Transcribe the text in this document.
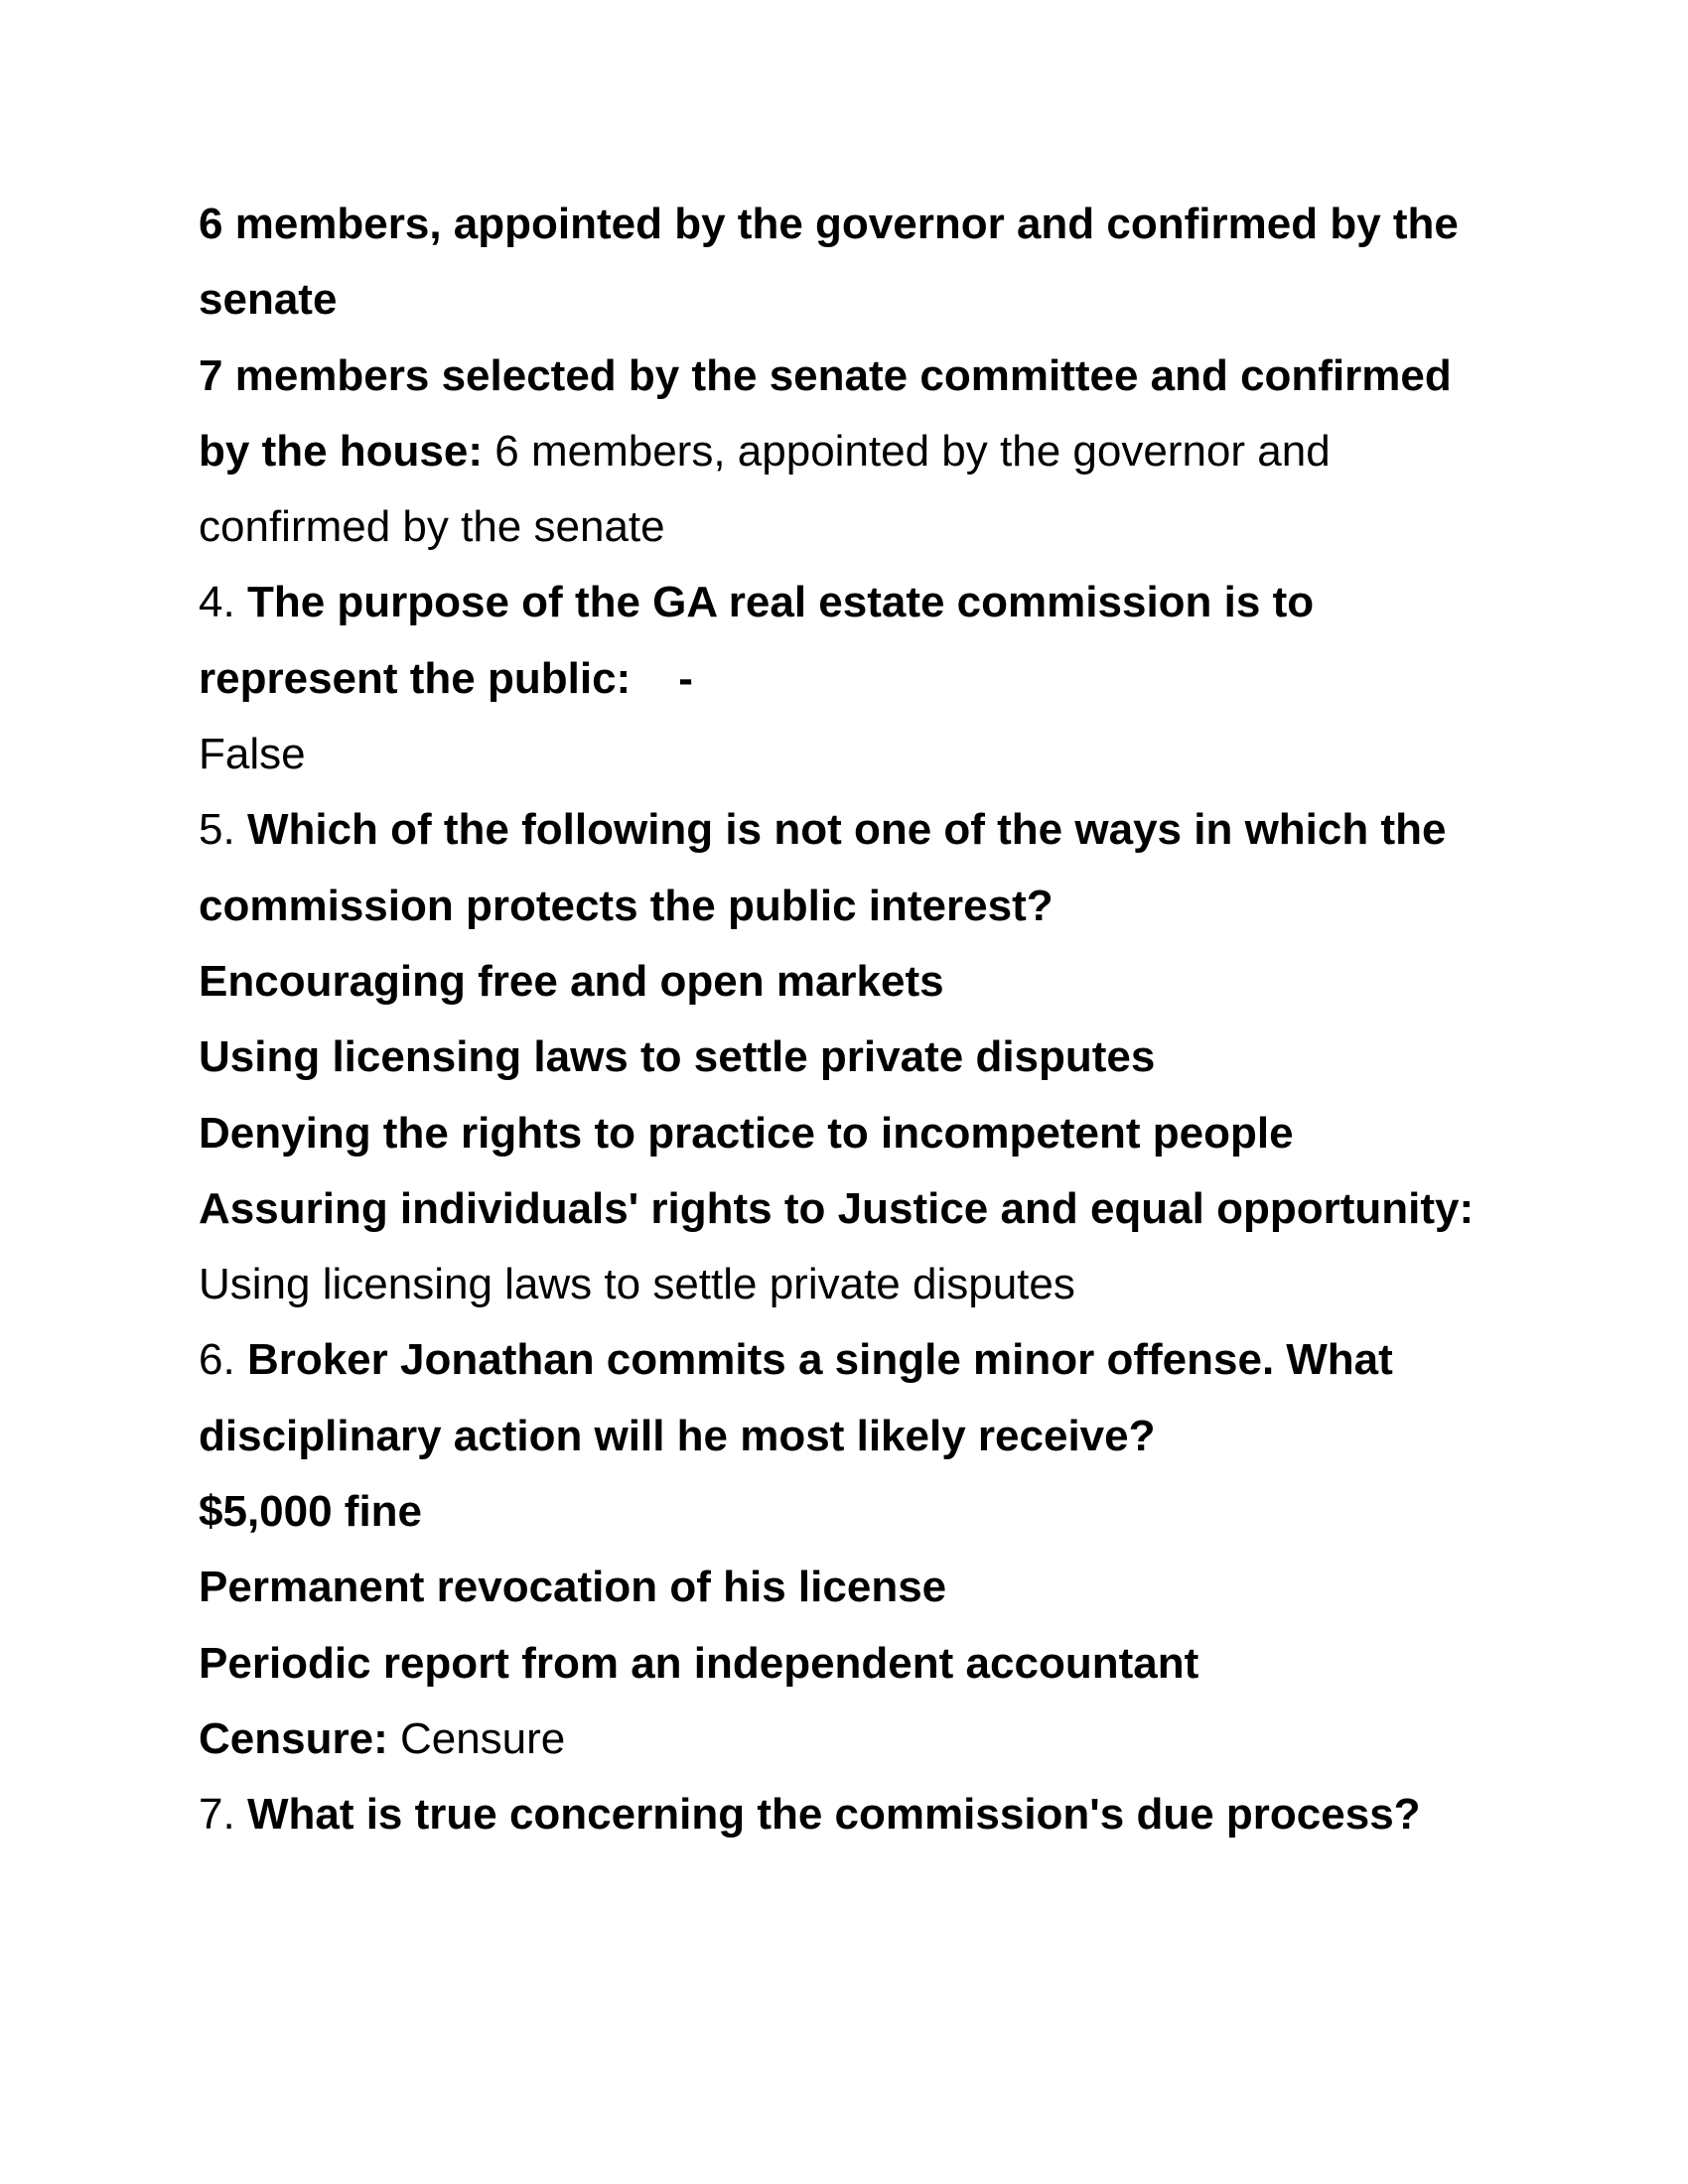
6 members, appointed by the governor and confirmed by the
senate
7 members selected by the senate committee and confirmed
by the house: 6 members, appointed by the governor and
confirmed by the senate
4. The purpose of the GA real estate commission is to
represent the public: -
False
5. Which of the following is not one of the ways in which the
commission protects the public interest?
Encouraging free and open markets
Using licensing laws to settle private disputes
Denying the rights to practice to incompetent people
Assuring individuals' rights to Justice and equal opportunity:
Using licensing laws to settle private disputes
6. Broker Jonathan commits a single minor offense. What
disciplinary action will he most likely receive?
$5,000 fine
Permanent revocation of his license
Periodic report from an independent accountant
Censure: Censure
7. What is true concerning the commission's due process?
